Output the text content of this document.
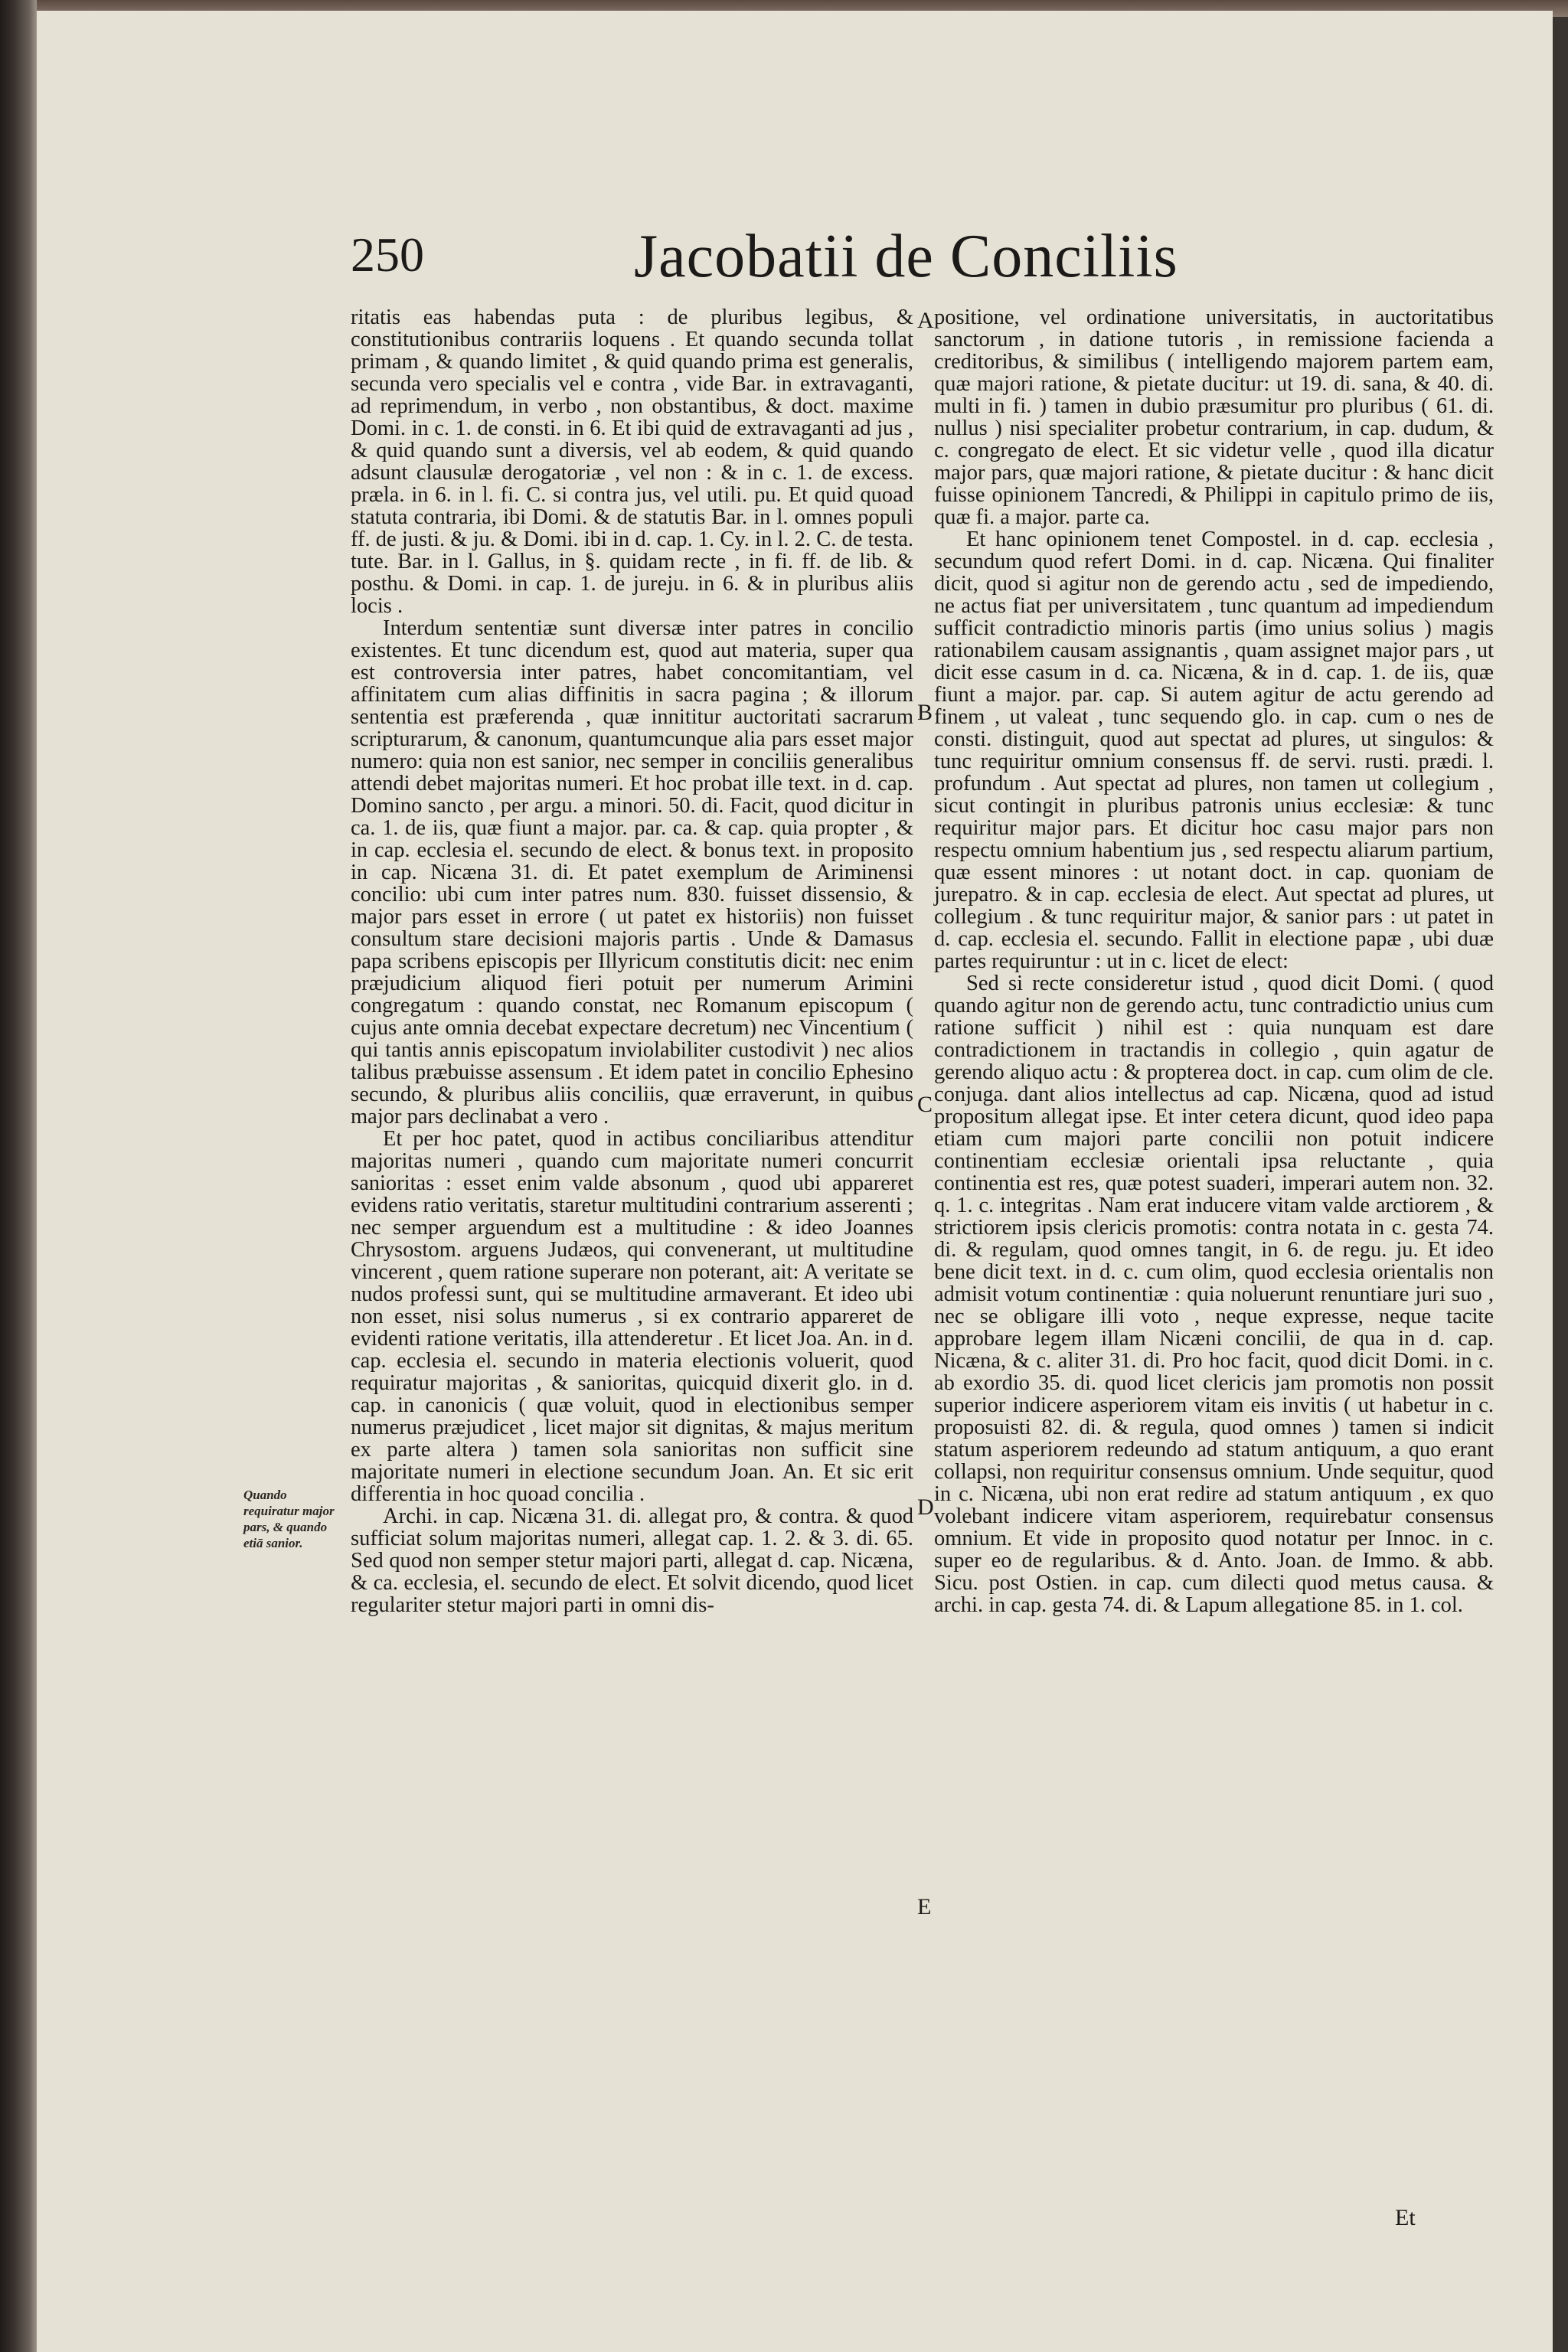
250	Jacobatii de Conciliis

ritatis eas habendas puta : de pluribus legibus, & constitutionibus contrariis loquens . Et quando secunda tollat primam , & quando limitet , & quid quando prima est generalis, secunda vero specialis vel e contra , vide Bar. in extravaganti, ad reprimendum, in verbo , non obstantibus, & doct. maxime Domi. in c. 1. de consti. in 6. Et ibi quid de extravaganti ad jus , & quid quando sunt a diversis, vel ab eodem, & quid quando adsunt clausulæ derogatoriæ , vel non : & in c. 1. de excess. præla. in 6. in l. fi. C. si contra jus, vel utili. pu. Et quid quoad statuta contraria, ibi Domi. & de statutis Bar. in l. omnes populi ff. de justi. & ju. & Domi. ibi in d. cap. 1. Cy. in l. 2. C. de testa. tute. Bar. in l. Gallus, in §. quidam recte , in fi. ff. de lib. & posthu. & Domi. in cap. 1. de jureju. in 6. & in pluribus aliis locis .

Interdum sententiæ sunt diversæ inter patres in concilio existentes. Et tunc dicendum est, quod aut materia, super qua est controversia inter patres, habet concomitantiam, vel affinitatem cum alias diffinitis in sacra pagina ; & illorum sententia est præferenda , quæ innititur auctoritati sacrarum scripturarum, & canonum, quantumcunque alia pars esset major numero: quia non est sanior, nec semper in conciliis generalibus attendi debet majoritas numeri. Et hoc probat ille text. in d. cap. Domino sancto , per argu. a minori. 50. di. Facit, quod dicitur in ca. 1. de iis, quæ fiunt a major. par. ca. & cap. quia propter , & in cap. ecclesia el. secundo de elect. & bonus text. in proposito in cap. Nicæna 31. di. Et patet exemplum de Ariminensi concilio: ubi cum inter patres num. 830. fuisset dissensio, & major pars esset in errore ( ut patet ex historiis) non fuisset consultum stare decisioni majoris partis . Unde & Damasus papa scribens episcopis per Illyricum constitutis dicit: nec enim præjudicium aliquod fieri potuit per numerum Arimini congregatum : quando constat, nec Romanum episcopum ( cujus ante omnia decebat expectare decretum) nec Vincentium ( qui tantis annis episcopatum inviolabiliter custodivit ) nec alios talibus præbuisse assensum . Et idem patet in concilio Ephesino secundo, & pluribus aliis conciliis, quæ erraverunt, in quibus major pars declinabat a vero .

Et per hoc patet, quod in actibus conciliaribus attenditur majoritas numeri , quando cum majoritate numeri concurrit sanioritas : esset enim valde absonum , quod ubi appareret evidens ratio veritatis, staretur multitudini contrarium asserenti ; nec semper arguendum est a multitudine : & ideo Joannes Chrysostom. arguens Judæos, qui convenerant, ut multitudine vincerent , quem ratione superare non poterant, ait: A veritate se nudos professi sunt, qui se multitudine armaverant. Et ideo ubi non esset, nisi solus numerus , si ex contrario appareret de evidenti ratione veritatis, illa attenderetur . Et licet Joa. An. in d. cap. ecclesia el. secundo in materia electionis voluerit, quod requiratur majoritas , & sanioritas, quicquid dixerit glo. in d. cap. in canonicis ( quæ voluit, quod in electionibus semper numerus præjudicet , licet major sit dignitas, & majus meritum ex parte altera ) tamen sola sanioritas non sufficit sine majoritate numeri in electione secundum Joan. An. Et sic erit differentia in hoc quoad concilia .

Archi. in cap. Nicæna 31. di. allegat pro, & contra. & quod sufficiat solum majoritas numeri, allegat cap. 1. 2. & 3. di. 65. Sed quod non semper stetur majori parti, allegat d. cap. Nicæna, & ca. ecclesia, el. secundo de elect. Et solvit dicendo, quod licet regulariter stetur majori parti in omni dis-

positione, vel ordinatione universitatis, in auctoritatibus sanctorum , in datione tutoris , in remissione facienda a creditoribus, & similibus ( intelligendo majorem partem eam, quæ majori ratione, & pietate ducitur: ut 19. di. sana, & 40. di. multi in fi. ) tamen in dubio præsumitur pro pluribus ( 61. di. nullus ) nisi specialiter probetur contrarium, in cap. dudum, & c. congregato de elect. Et sic videtur velle , quod illa dicatur major pars, quæ majori ratione, & pietate ducitur : & hanc dicit fuisse opinionem Tancredi, & Philippi in capitulo primo de iis, quæ fi. a major. parte ca.

Et hanc opinionem tenet Compostel. in d. cap. ecclesia , secundum quod refert Domi. in d. cap. Nicæna. Qui finaliter dicit, quod si agitur non de gerendo actu , sed de impediendo, ne actus fiat per universitatem , tunc quantum ad impediendum sufficit contradictio minoris partis (imo unius solius ) magis rationabilem causam assignantis , quam assignet major pars , ut dicit esse casum in d. ca. Nicæna, & in d. cap. 1. de iis, quæ fiunt a major. par. cap. Si autem agitur de actu gerendo ad finem , ut valeat , tunc sequendo glo. in cap. cum o nes de consti. distinguit, quod aut spectat ad plures, ut singulos: & tunc requiritur omnium consensus ff. de servi. rusti. prædi. l. profundum . Aut spectat ad plures, non tamen ut collegium , sicut contingit in pluribus patronis unius ecclesiæ: & tunc requiritur major pars. Et dicitur hoc casu major pars non respectu omnium habentium jus , sed respectu aliarum partium, quæ essent minores : ut notant doct. in cap. quoniam de jurepatro. & in cap. ecclesia de elect. Aut spectat ad plures, ut collegium . & tunc requiritur major, & sanior pars : ut patet in d. cap. ecclesia el. secundo. Fallit in electione papæ , ubi duæ partes requiruntur : ut in c. licet de elect:

Sed si recte consideretur istud , quod dicit Domi. ( quod quando agitur non de gerendo actu, tunc contradictio unius cum ratione sufficit ) nihil est : quia nunquam est dare contradictionem in tractandis in collegio , quin agatur de gerendo aliquo actu : & propterea doct. in cap. cum olim de cle. conjuga. dant alios intellectus ad cap. Nicæna, quod ad istud propositum allegat ipse. Et inter cetera dicunt, quod ideo papa etiam cum majori parte concilii non potuit indicere continentiam ecclesiæ orientali ipsa reluctante , quia continentia est res, quæ potest suaderi, imperari autem non. 32. q. 1. c. integritas . Nam erat inducere vitam valde arctiorem , & strictiorem ipsis clericis promotis: contra notata in c. gesta 74. di. & regulam, quod omnes tangit, in 6. de regu. ju. Et ideo bene dicit text. in d. c. cum olim, quod ecclesia orientalis non admisit votum continentiæ : quia noluerunt renuntiare juri suo , nec se obligare illi voto , neque expresse, neque tacite approbare legem illam Nicæni concilii, de qua in d. cap. Nicæna, & c. aliter 31. di. Pro hoc facit, quod dicit Domi. in c. ab exordio 35. di. quod licet clericis jam promotis non possit superior indicere asperiorem vitam eis invitis ( ut habetur in c. proposuisti 82. di. & regula, quod omnes ) tamen si indicit statum asperiorem redeundo ad statum antiquum, a quo erant collapsi, non requiritur consensus omnium. Unde sequitur, quod in c. Nicæna, ubi non erat redire ad statum antiquum , ex quo volebant indicere vitam asperiorem, requirebatur consensus omnium. Et vide in proposito quod notatur per Innoc. in c. super eo de regularibus. & d. Anto. Joan. de Immo. & abb. Sicu. post Ostien. in cap. cum dilecti quod metus causa. & archi. in cap. gesta 74. di. & Lapum allegatione 85. in 1. col.

A
B
C
D
E
Quando requiratur major pars, & quando etiā sanior.
Et
